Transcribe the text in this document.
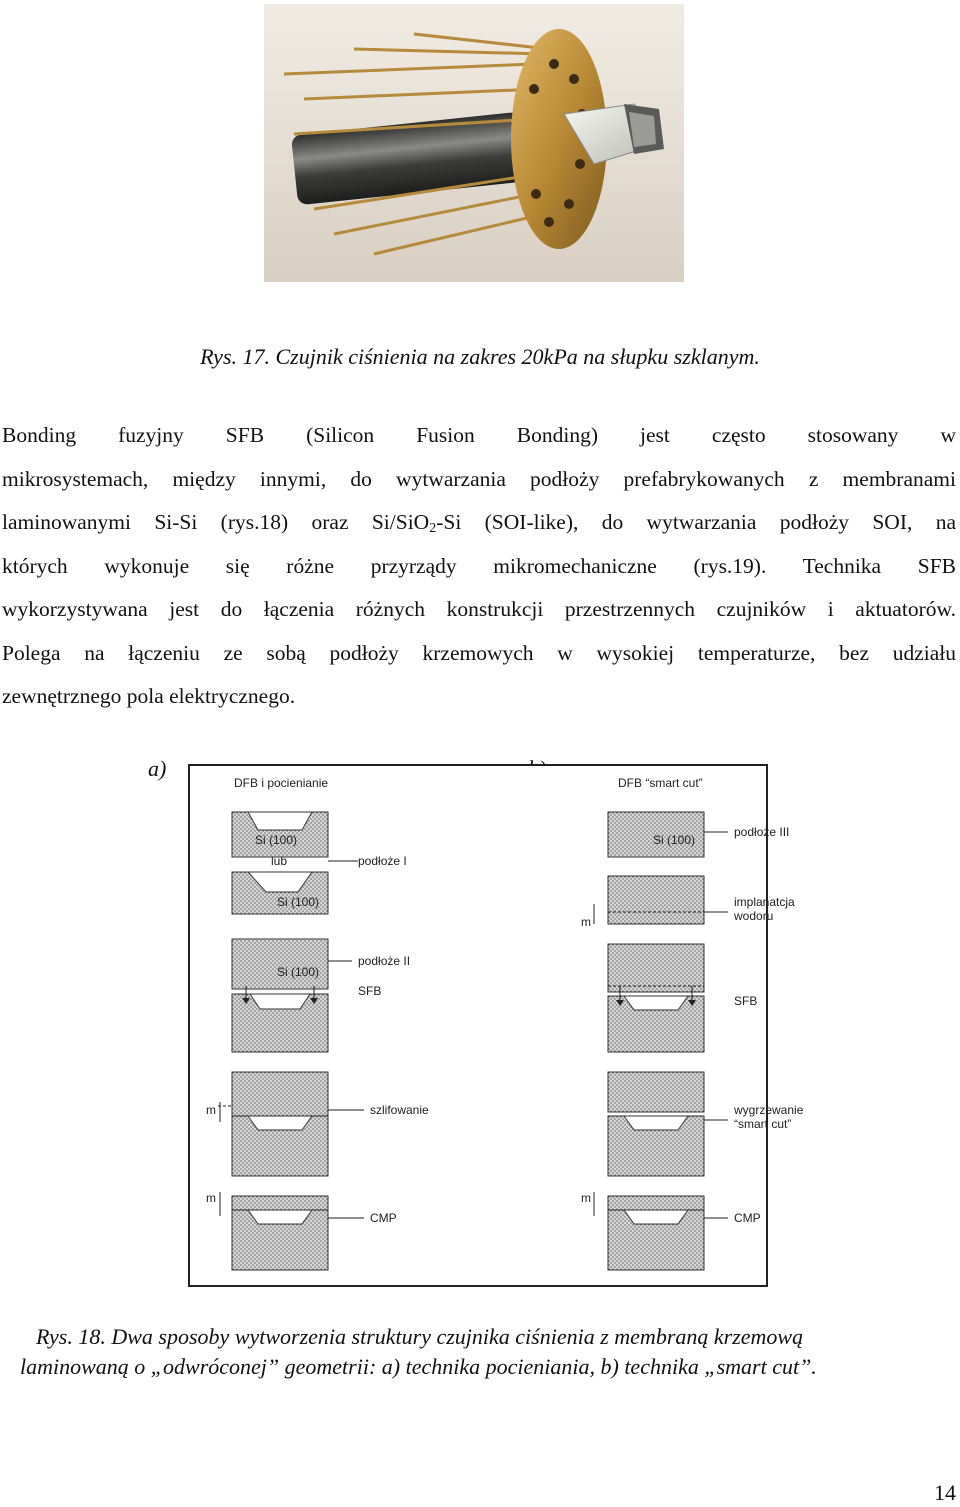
Rys. 17. Czujnik ciśnienia na zakres 20kPa na słupku szklanym.
Bonding fuzyjny SFB (Silicon Fusion Bonding) jest często stosowany w
mikrosystemach, między innymi, do wytwarzania podłoży prefabrykowanych z membranami
laminowanymi Si-Si (rys.18) oraz Si/SiO$_2$-Si (SOI-like), do wytwarzania podłoży SOI, na
których wykonuje się różne przyrządy mikromechaniczne (rys.19). Technika SFB
wykorzystywana jest do łączenia różnych konstrukcji przestrzennych czujników i aktuatorów.
Polega na łączeniu ze sobą podłoży krzemowych w wysokiej temperaturze, bez udziału
zewnętrznego pola elektrycznego.
a)
DFB i pocienianie
Si (100)
lub
Si (100)
podłoże I
Si (100)
podłoże II
SFB
m	szlifowanie
m
CMP
DFB “smart cut”
Si (100)
podłoże III
m
implanatcja
wodoru
SFB
wygrzewanie
“smart cut”
m
CMP
Rys. 18. Dwa sposoby wytworzenia struktury czujnika ciśnienia z membraną krzemową
laminowaną o „odwróconej” geometrii: a) technika pocieniania, b) technika „smart cut”.
14
